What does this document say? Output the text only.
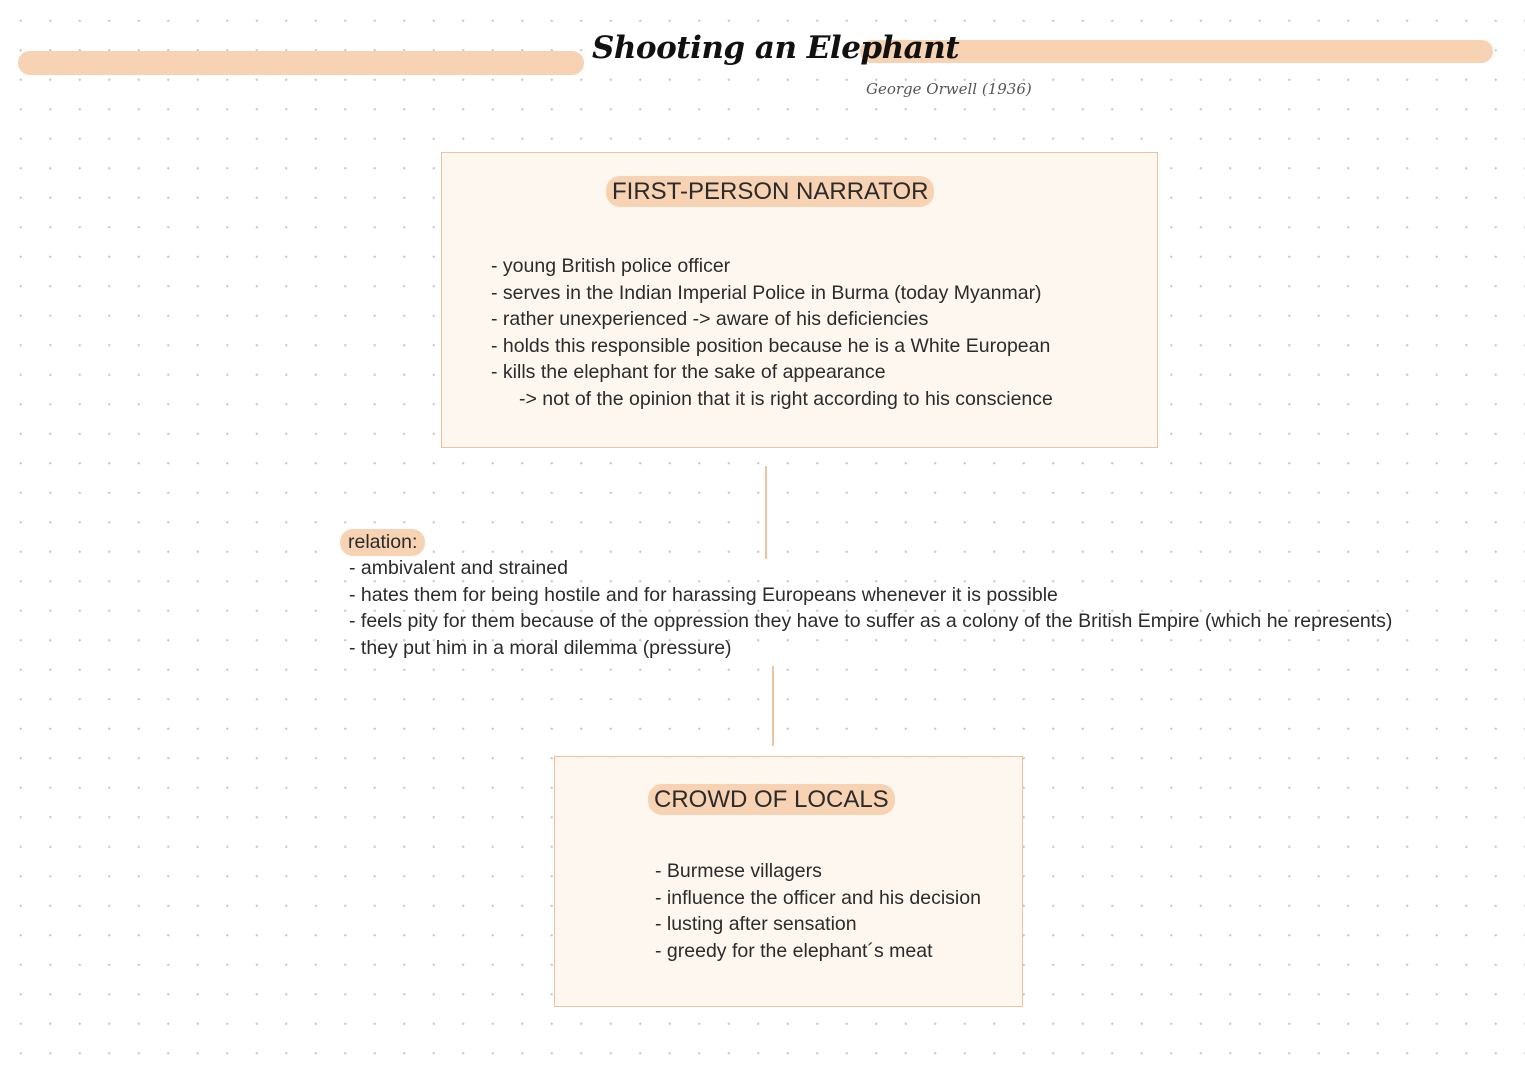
Shooting an Elephant
George Orwell (1936)
FIRST-PERSON NARRATOR
- young British police officer
- serves in the Indian Imperial Police in Burma (today Myanmar)
- rather unexperienced -> aware of his deficiencies
- holds this responsible position because he is a White European
- kills the elephant for the sake of appearance
-> not of the opinion that it is right according to his conscience
relation:
- ambivalent and strained
- hates them for being hostile and for harassing Europeans whenever it is possible
- feels pity for them because of the oppression they have to suffer as a colony of the British Empire (which he represents)
- they put him in a moral dilemma (pressure)
CROWD OF LOCALS
- Burmese villagers
- influence the officer and his decision
- lusting after sensation
- greedy for the elephant´s meat
